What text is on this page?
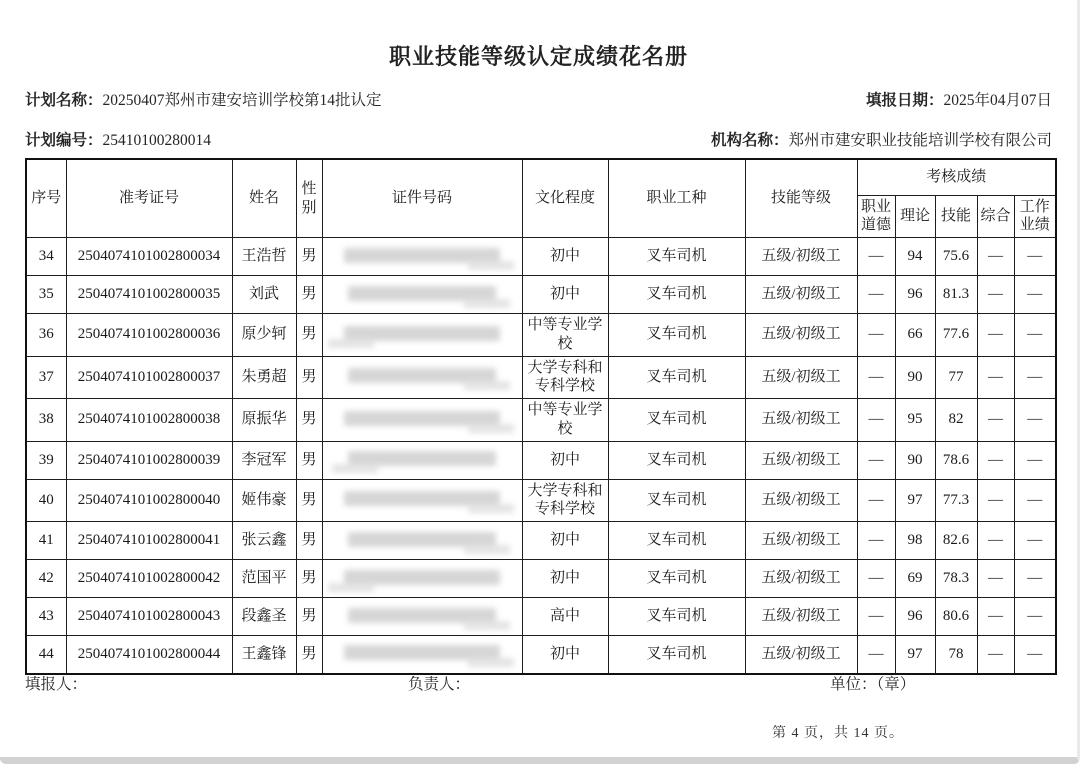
职业技能等级认定成绩花名册
计划名称：20250407郑州市建安培训学校第14批认定	填报日期：2025年04月07日
计划编号：25410100280014	机构名称：郑州市建安职业技能培训学校有限公司
序号	准考证号	姓名	性别	证件号码	文化程度	职业工种	技能等级	考核成绩				
								职业道德	理论	技能	综合	工作业绩
34	2504074101002800034	王浩哲	男		初中	叉车司机	五级/初级工	—	94	75.6	—	—
35	2504074101002800035	刘武	男		初中	叉车司机	五级/初级工	—	96	81.3	—	—
36	2504074101002800036	原少轲	男		中等专业学校	叉车司机	五级/初级工	—	66	77.6	—	—
37	2504074101002800037	朱勇超	男		大学专科和专科学校	叉车司机	五级/初级工	—	90	77	—	—
38	2504074101002800038	原振华	男		中等专业学校	叉车司机	五级/初级工	—	95	82	—	—
39	2504074101002800039	李冠军	男		初中	叉车司机	五级/初级工	—	90	78.6	—	—
40	2504074101002800040	姬伟豪	男		大学专科和专科学校	叉车司机	五级/初级工	—	97	77.3	—	—
41	2504074101002800041	张云鑫	男		初中	叉车司机	五级/初级工	—	98	82.6	—	—
42	2504074101002800042	范国平	男		初中	叉车司机	五级/初级工	—	69	78.3	—	—
43	2504074101002800043	段鑫圣	男		高中	叉车司机	五级/初级工	—	96	80.6	—	—
44	2504074101002800044	王鑫锋	男		初中	叉车司机	五级/初级工	—	97	78	—	—
填报人：	负责人：	单位：（章）
第 4 页，共 14 页。
